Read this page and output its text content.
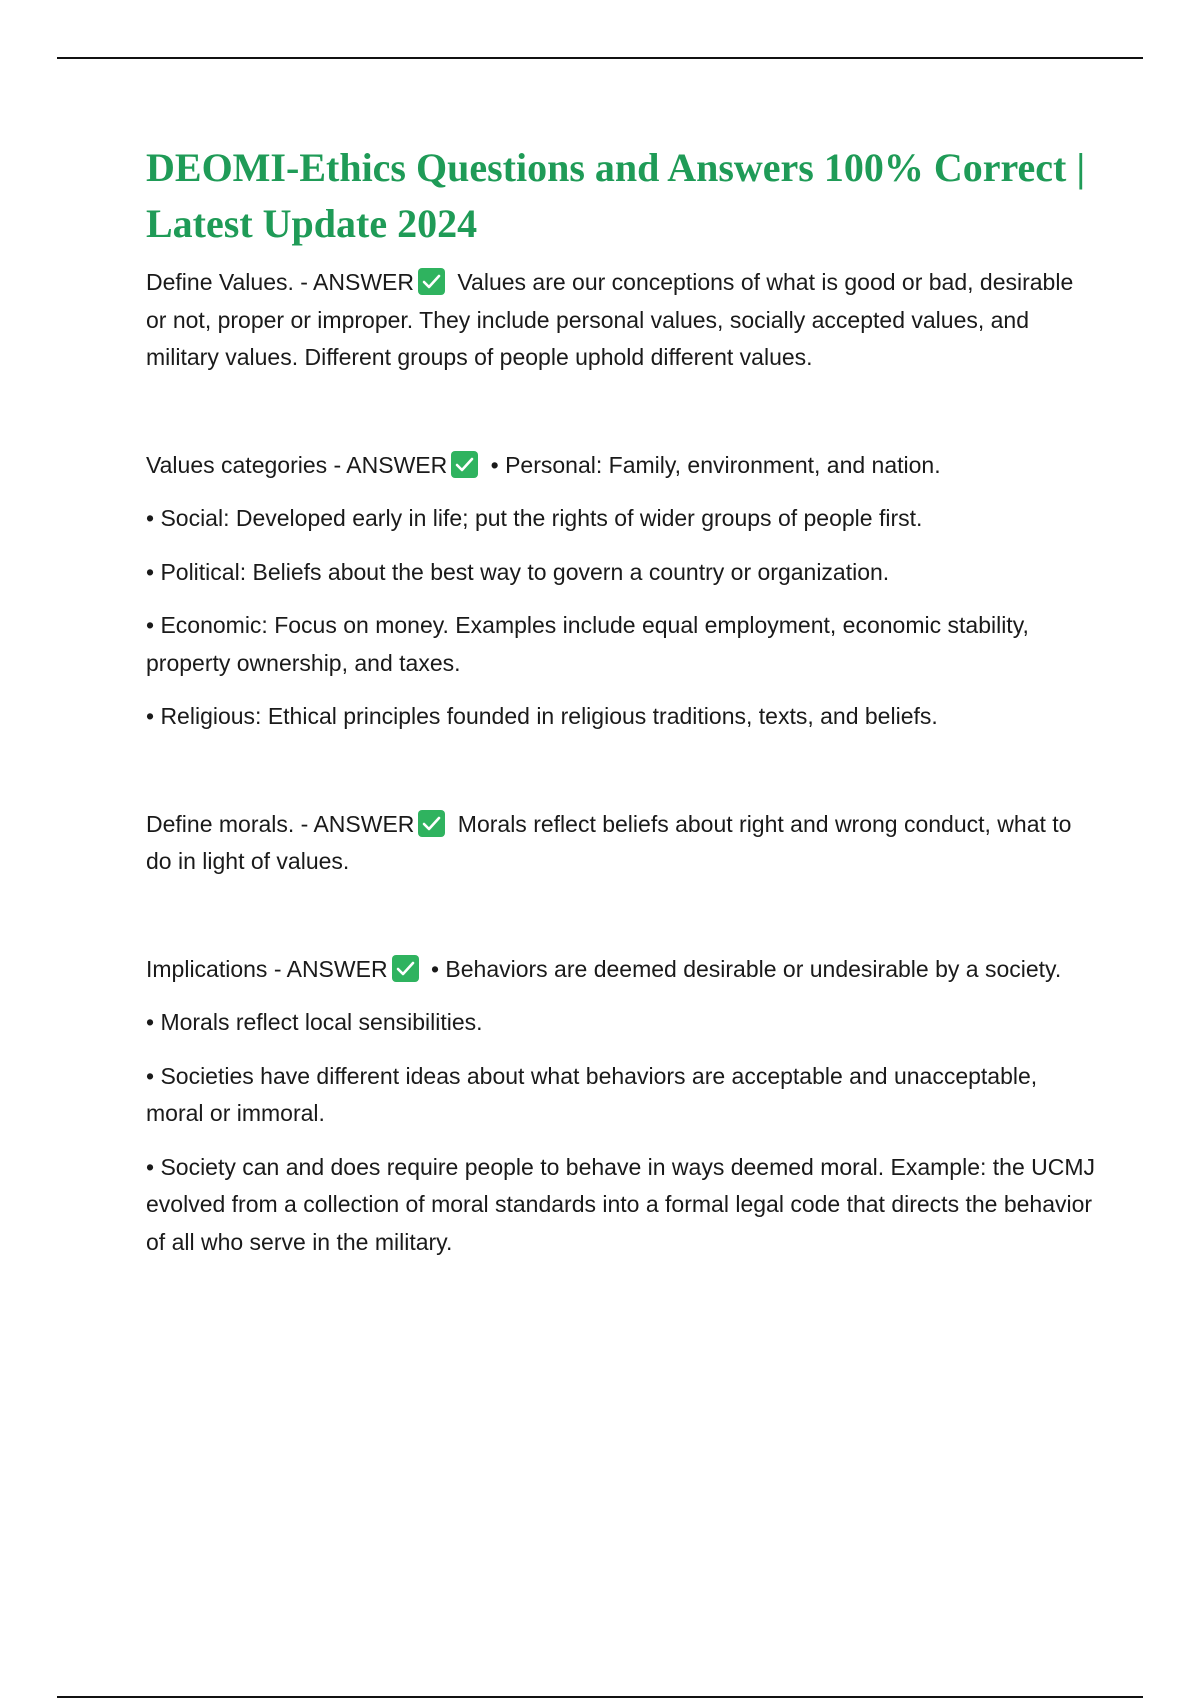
DEOMI-Ethics Questions and Answers 100% Correct | Latest Update 2024

Define Values. - ANSWER Values are our conceptions of what is good or bad, desirable or not, proper or improper. They include personal values, socially accepted values, and military values. Different groups of people uphold different values.

Values categories - ANSWER • Personal: Family, environment, and nation.

• Social: Developed early in life; put the rights of wider groups of people first.

• Political: Beliefs about the best way to govern a country or organization.

• Economic: Focus on money. Examples include equal employment, economic stability, property ownership, and taxes.

• Religious: Ethical principles founded in religious traditions, texts, and beliefs.

Define morals. - ANSWER Morals reflect beliefs about right and wrong conduct, what to do in light of values.

Implications - ANSWER • Behaviors are deemed desirable or undesirable by a society.

• Morals reflect local sensibilities.

• Societies have different ideas about what behaviors are acceptable and unacceptable, moral or immoral.

• Society can and does require people to behave in ways deemed moral. Example: the UCMJ evolved from a collection of moral standards into a formal legal code that directs the behavior of all who serve in the military.
